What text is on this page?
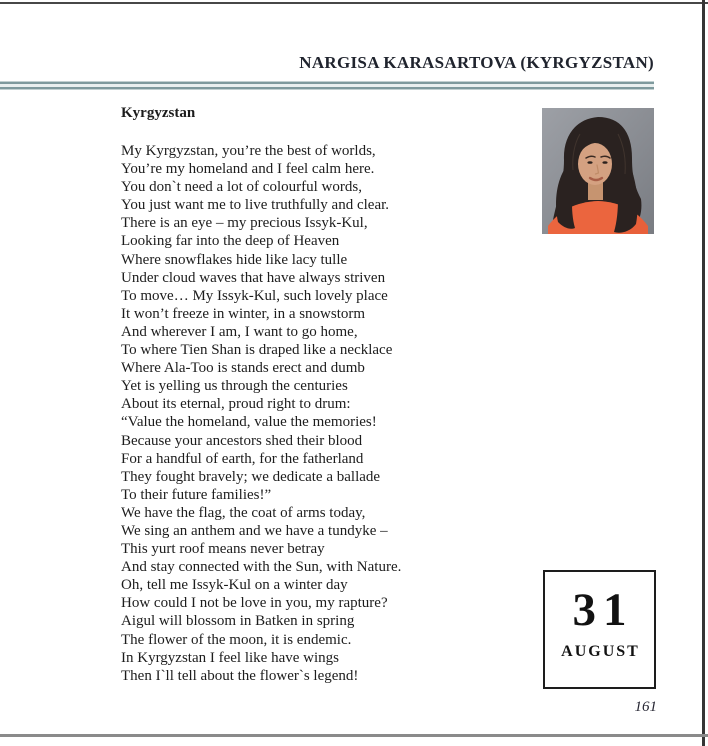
NARGISA KARASARTOVA (KYRGYZSTAN)
Kyrgyzstan
My Kyrgyzstan, you’re the best of worlds,
You’re my homeland and I feel calm here.
You don`t need a lot of colourful words,
You just want me to live truthfully and clear.
There is an eye – my precious Issyk-Kul,
Looking far into the deep of Heaven
Where snowflakes hide like lacy tulle
Under cloud waves that have always striven
To move… My Issyk-Kul, such lovely place
It won’t freeze in winter, in a snowstorm
And wherever I am, I want to go home,
To where Tien Shan is draped like a necklace
Where Ala-Too is stands erect and dumb
Yet is yelling us through the centuries
About its eternal, proud right to drum:
“Value the homeland, value the memories!
Because your ancestors shed their blood
For a handful of earth, for the fatherland
They fought bravely; we dedicate a ballade
To their future families!”
We have the flag, the coat of arms today,
We sing an anthem and we have a tundyke –
This yurt roof means never betray
And stay connected with the Sun, with Nature.
Oh, tell me Issyk-Kul on a winter day
How could I not be love in you, my rapture?
Aigul will blossom in Batken in spring
The flower of the moon, it is endemic.
In Kyrgyzstan I feel like have wings
Then I`ll tell about the flower`s legend!
31
AUGUST
161
